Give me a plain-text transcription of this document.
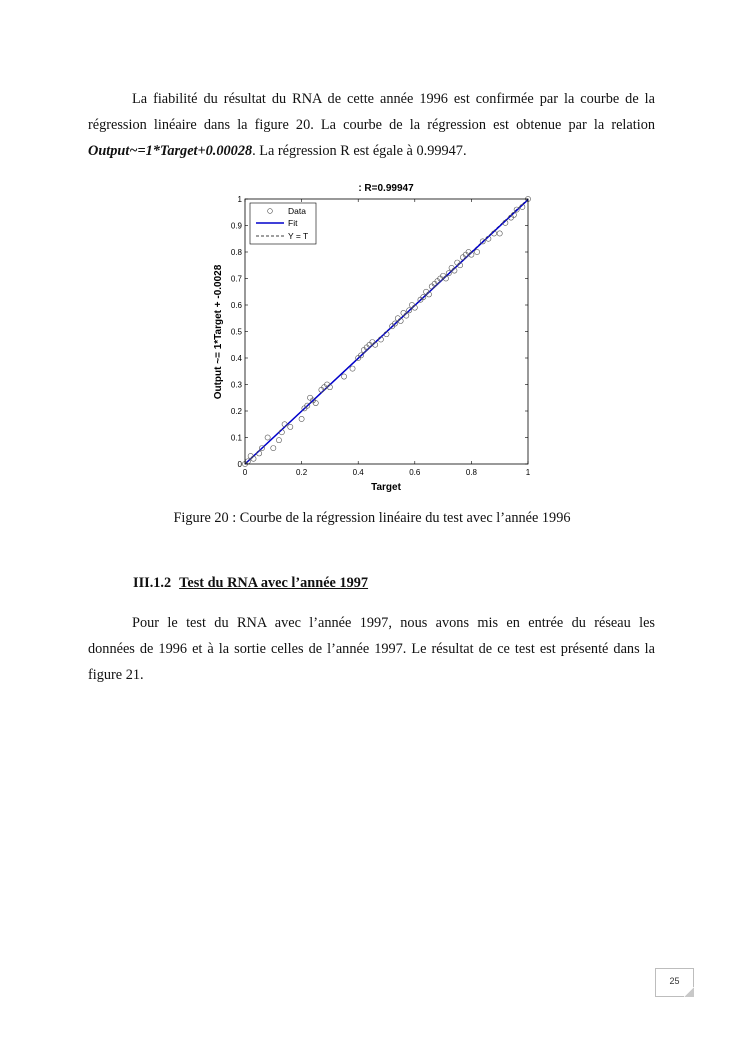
La fiabilité du résultat du RNA de cette année 1996 est confirmée par la courbe de la
régression linéaire dans la figure 20. La courbe de la régression est obtenue par la relation
Output~=1*Target+0.00028. La régression R est égale à 0.99947.

: R=0.99947
0	0.2	0.4	0.6	0.8	1
0
0.1
0.2
0.3
0.4
0.5
0.6
0.7
0.8
0.9
1
Target
Output ~= 1*Target + -0.0028
Data
Fit
Y = T
Figure 20 : Courbe de la régression linéaire du test avec l’année 1996
III.1.2 Test du RNA avec l’année 1997

Pour le test du RNA avec l’année 1997, nous avons mis en entrée du réseau les
données de 1996 et à la sortie celles de l’année 1997. Le résultat de ce test est présenté dans la
figure 21.

25
